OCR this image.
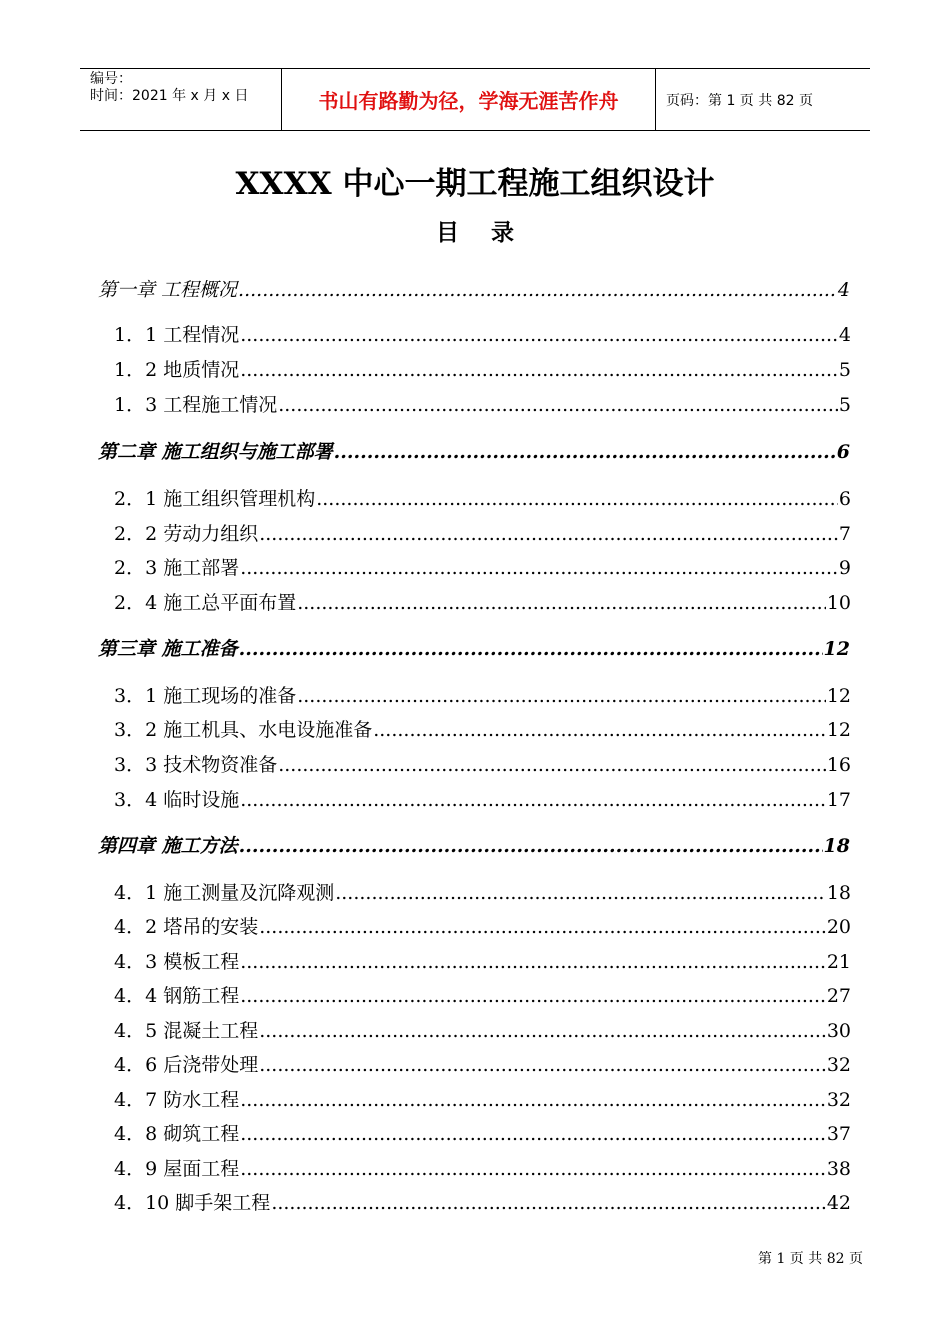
编号：
时间：2021 年 x 月 x 日	书山有路勤为径，学海无涯苦作舟	页码：第 1 页 共 82 页
XXXX 中心一期工程施工组织设计
目    录
第一章 工程概况 .....	4
1．1 工程情况 .....	4
1．2 地质情况 .....	5
1．3 工程施工情况 .....	5
第二章 施工组织与施工部署 .....	6
2．1 施工组织管理机构 .....	6
2．2 劳动力组织 .....	7
2．3 施工部署 .....	9
2．4 施工总平面布置 .....	10
第三章 施工准备 .....	12
3．1 施工现场的准备 .....	12
3．2 施工机具、水电设施准备 .....	12
3．3 技术物资准备 .....	16
3．4 临时设施 .....	17
第四章 施工方法 .....	18
4．1 施工测量及沉降观测 .....	18
4．2 塔吊的安装 .....	20
4．3 模板工程 .....	21
4．4 钢筋工程 .....	27
4．5 混凝土工程 .....	30
4．6 后浇带处理 .....	32
4．7 防水工程 .....	32
4．8 砌筑工程 .....	37
4．9 屋面工程 .....	38
4．10 脚手架工程 .....	42
第 1 页 共 82 页
